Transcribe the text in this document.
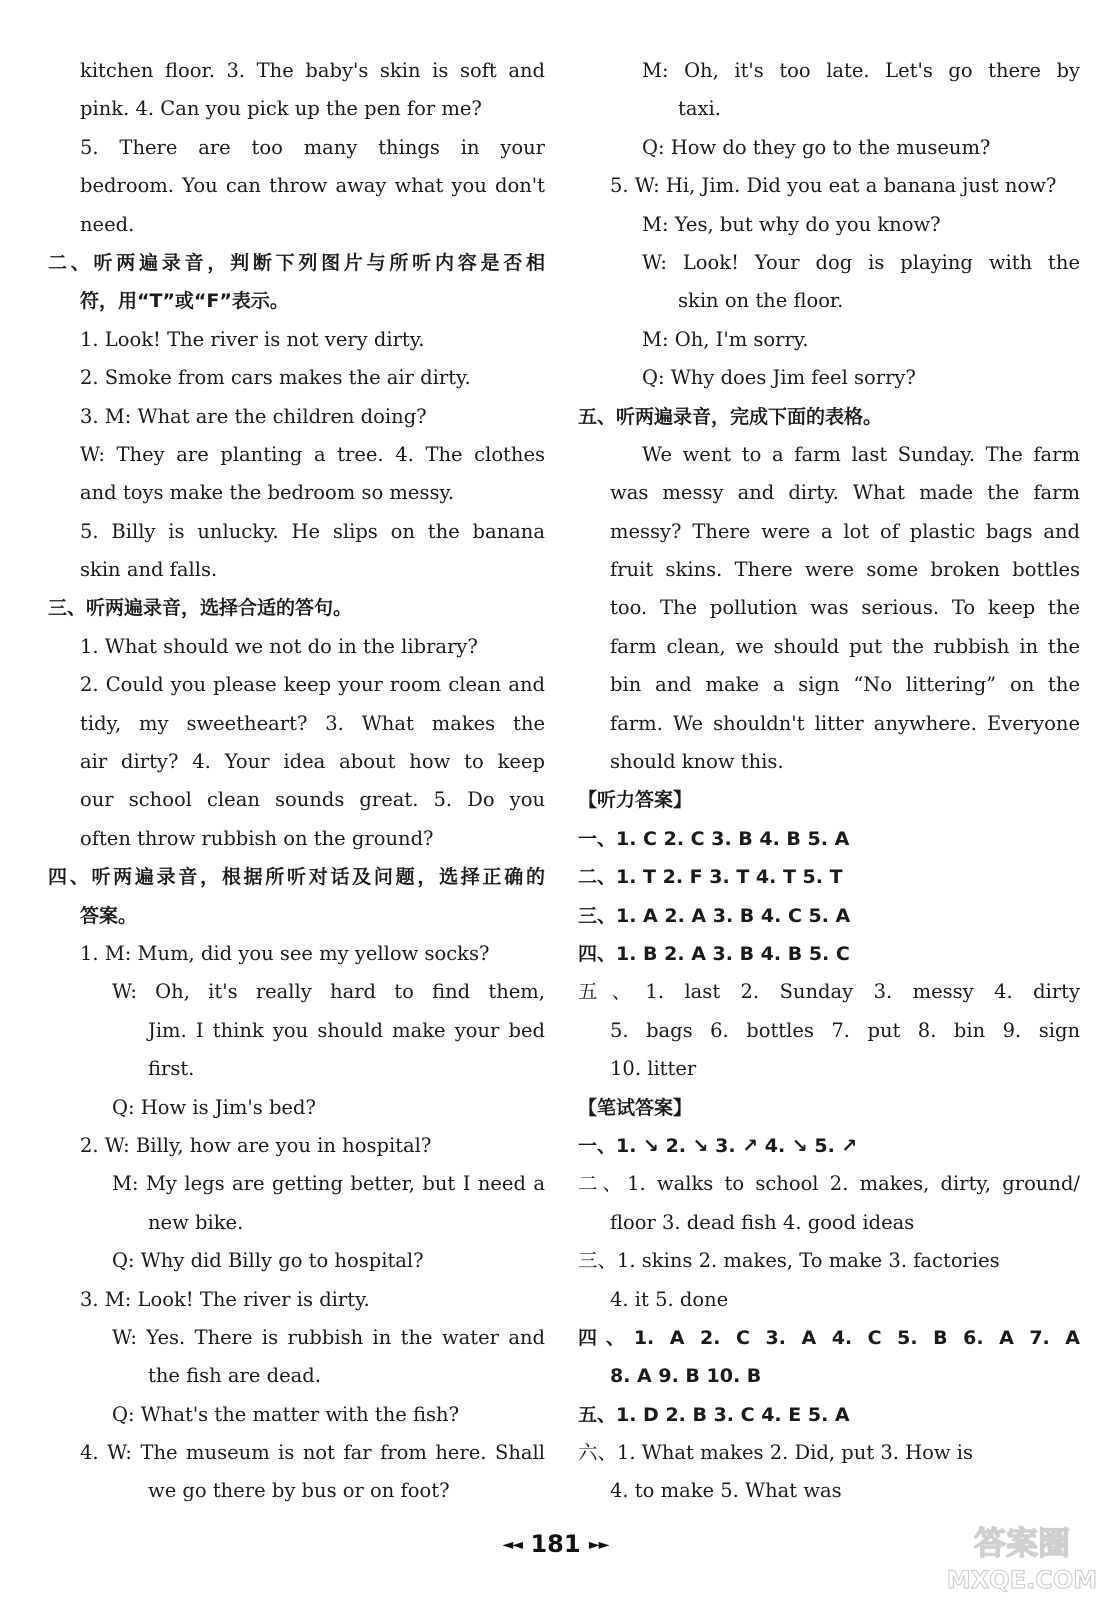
kitchen floor. 3. The baby's skin is soft and
pink. 4. Can you pick up the pen for me?
5. There are too many things in your
bedroom. You can throw away what you don't
need.
二、听两遍录音，判断下列图片与所听内容是否相
符，用“T”或“F”表示。
1. Look! The river is not very dirty.
2. Smoke from cars makes the air dirty.
3. M: What are the children doing?
W: They are planting a tree. 4. The clothes
and toys make the bedroom so messy.
5. Billy is unlucky. He slips on the banana
skin and falls.
三、听两遍录音，选择合适的答句。
1. What should we not do in the library?
2. Could you please keep your room clean and
tidy, my sweetheart? 3. What makes the
air dirty? 4. Your idea about how to keep
our school clean sounds great. 5. Do you
often throw rubbish on the ground?
四、听两遍录音，根据所听对话及问题，选择正确的
答案。
1. M: Mum, did you see my yellow socks?
W: Oh, it's really hard to find them,
Jim. I think you should make your bed
first.
Q: How is Jim's bed?
2. W: Billy, how are you in hospital?
M: My legs are getting better, but I need a
new bike.
Q: Why did Billy go to hospital?
3. M: Look! The river is dirty.
W: Yes. There is rubbish in the water and
the fish are dead.
Q: What's the matter with the fish?
4. W: The museum is not far from here. Shall
we go there by bus or on foot?
M: Oh, it's too late. Let's go there by
taxi.
Q: How do they go to the museum?
5. W: Hi, Jim. Did you eat a banana just now?
M: Yes, but why do you know?
W: Look! Your dog is playing with the
skin on the floor.
M: Oh, I'm sorry.
Q: Why does Jim feel sorry?
五、听两遍录音，完成下面的表格。
We went to a farm last Sunday. The farm
was messy and dirty. What made the farm
messy? There were a lot of plastic bags and
fruit skins. There were some broken bottles
too. The pollution was serious. To keep the
farm clean, we should put the rubbish in the
bin and make a sign “No littering” on the
farm. We shouldn't litter anywhere. Everyone
should know this.
【听力答案】
一、1. C 2. C 3. B 4. B 5. A
二、1. T 2. F 3. T 4. T 5. T
三、1. A 2. A 3. B 4. C 5. A
四、1. B 2. A 3. B 4. B 5. C
五、1. last 2. Sunday 3. messy 4. dirty
5. bags 6. bottles 7. put 8. bin 9. sign
10. litter
【笔试答案】
一、1. ↘ 2. ↘ 3. ↗ 4. ↘ 5. ↗
二、1. walks to school 2. makes, dirty, ground/
floor 3. dead fish 4. good ideas
三、1. skins 2. makes, To make 3. factories
4. it 5. done
四、1. A 2. C 3. A 4. C 5. B 6. A 7. A
8. A 9. B 10. B
五、1. D 2. B 3. C 4. E 5. A
六、1. What makes 2. Did, put 3. How is
4. to make 5. What was
◄◄ 181 ►►	答案圈
MXQE.COM
